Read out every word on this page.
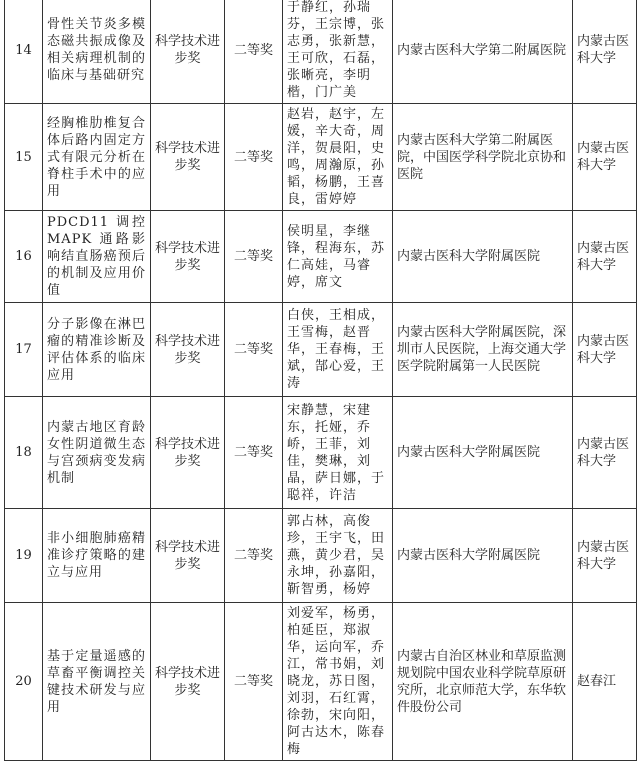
14	骨性关节炎多模态磁共振成像及相关病理机制的临床与基础研究	科学技术进步奖	二等奖	于静红，孙瑞芬，王宗博，张志勇，张新慧，王可欣，石磊，张晰亮，李明楷，门广美	内蒙古医科大学第二附属医院	内蒙古医科大学
15	经胸椎肋椎复合体后路内固定方式有限元分析在脊柱手术中的应用	科学技术进步奖	二等奖	赵岩，赵宇，左媛，辛大奇，周洋，贺晨阳，史鸣，周瀚原，孙韬，杨鹏，王喜良，雷婷婷	内蒙古医科大学第二附属医院，中国医学科学院北京协和医院	内蒙古医科大学
16	PDCD11 调控 MAPK 通路影响结直肠癌预后的机制及应用价值	科学技术进步奖	二等奖	侯明星，李继锋，程海东，苏仁高娃，马睿婷，席文	内蒙古医科大学附属医院	内蒙古医科大学
17	分子影像在淋巴瘤的精准诊断及评估体系的临床应用	科学技术进步奖	二等奖	白侠，王相成，王雪梅，赵晋华，王春梅，王斌，郜心爱，王涛	内蒙古医科大学附属医院，深圳市人民医院，上海交通大学医学院附属第一人民医院	内蒙古医科大学
18	内蒙古地区育龄女性阴道微生态与宫颈病变发病机制	科学技术进步奖	二等奖	宋静慧，宋建东，托娅，乔峤，王菲，刘佳，樊琳，刘晶，萨日娜，于聪祥，许洁	内蒙古医科大学附属医院	内蒙古医科大学
19	非小细胞肺癌精准诊疗策略的建立与应用	科学技术进步奖	二等奖	郭占林，高俊珍，王宇飞，田燕，黄少君，吴永坤，孙嘉阳，靳智勇，杨婷	内蒙古医科大学附属医院	内蒙古医科大学
20	基于定量遥感的草畜平衡调控关键技术研发与应用	科学技术进步奖	二等奖	刘爱军，杨勇，柏延臣，郑淑华，运向军，乔江，常书娟，刘晓龙，苏日图，刘羽，石红霄，徐勃，宋向阳，阿古达木，陈春梅	内蒙古自治区林业和草原监测规划院中国农业科学院草原研究所，北京师范大学，东华软件股份公司	赵春江
